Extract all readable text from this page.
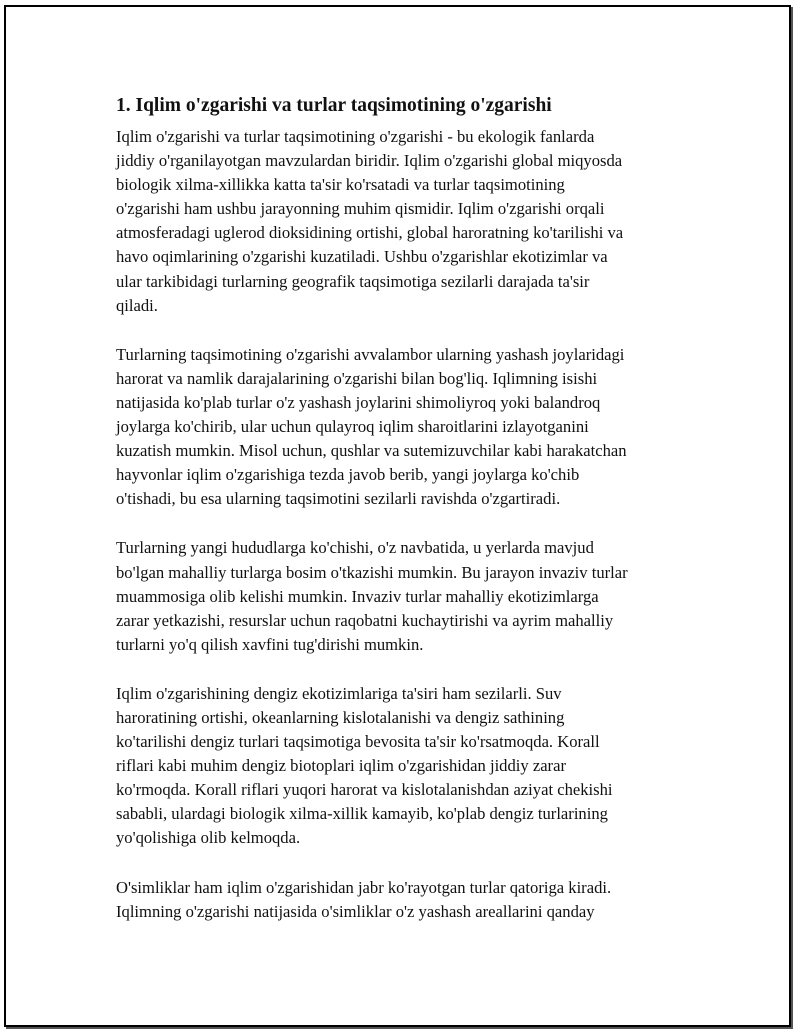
1. Iqlim o'zgarishi va turlar taqsimotining o'zgarishi

Iqlim o'zgarishi va turlar taqsimotining o'zgarishi - bu ekologik fanlarda
jiddiy o'rganilayotgan mavzulardan biridir. Iqlim o'zgarishi global miqyosda
biologik xilma-xillikka katta ta'sir ko'rsatadi va turlar taqsimotining
o'zgarishi ham ushbu jarayonning muhim qismidir. Iqlim o'zgarishi orqali
atmosferadagi uglerod dioksidining ortishi, global haroratning ko'tarilishi va
havo oqimlarining o'zgarishi kuzatiladi. Ushbu o'zgarishlar ekotizimlar va
ular tarkibidagi turlarning geografik taqsimotiga sezilarli darajada ta'sir
qiladi.

Turlarning taqsimotining o'zgarishi avvalambor ularning yashash joylaridagi
harorat va namlik darajalarining o'zgarishi bilan bog'liq. Iqlimning isishi
natijasida ko'plab turlar o'z yashash joylarini shimoliyroq yoki balandroq
joylarga ko'chirib, ular uchun qulayroq iqlim sharoitlarini izlayotganini
kuzatish mumkin. Misol uchun, qushlar va sutemizuvchilar kabi harakatchan
hayvonlar iqlim o'zgarishiga tezda javob berib, yangi joylarga ko'chib
o'tishadi, bu esa ularning taqsimotini sezilarli ravishda o'zgartiradi.

Turlarning yangi hududlarga ko'chishi, o'z navbatida, u yerlarda mavjud
bo'lgan mahalliy turlarga bosim o'tkazishi mumkin. Bu jarayon invaziv turlar
muammosiga olib kelishi mumkin. Invaziv turlar mahalliy ekotizimlarga
zarar yetkazishi, resurslar uchun raqobatni kuchaytirishi va ayrim mahalliy
turlarni yo'q qilish xavfini tug'dirishi mumkin.

Iqlim o'zgarishining dengiz ekotizimlariga ta'siri ham sezilarli. Suv
haroratining ortishi, okeanlarning kislotalanishi va dengiz sathining
ko'tarilishi dengiz turlari taqsimotiga bevosita ta'sir ko'rsatmoqda. Korall
riflari kabi muhim dengiz biotoplari iqlim o'zgarishidan jiddiy zarar
ko'rmoqda. Korall riflari yuqori harorat va kislotalanishdan aziyat chekishi
sababli, ulardagi biologik xilma-xillik kamayib, ko'plab dengiz turlarining
yo'qolishiga olib kelmoqda.

O'simliklar ham iqlim o'zgarishidan jabr ko'rayotgan turlar qatoriga kiradi.
Iqlimning o'zgarishi natijasida o'simliklar o'z yashash areallarini qanday
